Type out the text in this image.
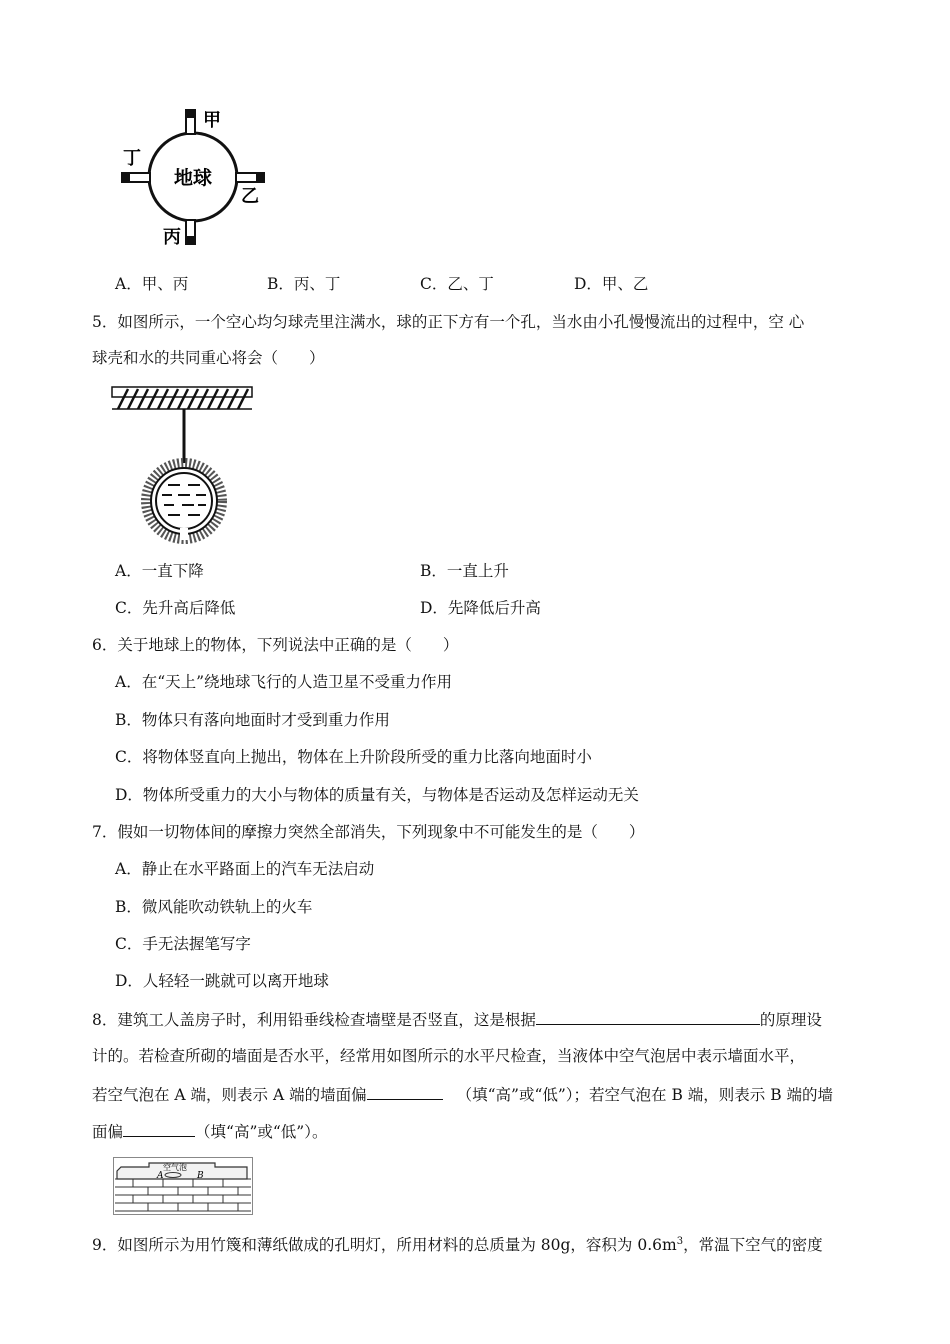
地球
甲
丁
乙
丙
A．甲、丙	B．丙、丁	C．乙、丁	D．甲、乙
5．如图所示，一个空心均匀球壳里注满水，球的正下方有一个孔，当水由小孔慢慢流出的过程中，空 心
球壳和水的共同重心将会（　　）
A．一直下降	B．一直上升
C．先升高后降低	D．先降低后升高
6．关于地球上的物体，下列说法中正确的是（　　）
A．在“天上”绕地球飞行的人造卫星不受重力作用
B．物体只有落向地面时才受到重力作用
C．将物体竖直向上抛出，物体在上升阶段所受的重力比落向地面时小
D．物体所受重力的大小与物体的质量有关，与物体是否运动及怎样运动无关
7．假如一切物体间的摩擦力突然全部消失，下列现象中不可能发生的是（　　）
A．静止在水平路面上的汽车无法启动
B．微风能吹动铁轨上的火车
C．手无法握笔写字
D．人轻轻一跳就可以离开地球
8．建筑工人盖房子时，利用铅垂线检查墙壁是否竖直，这是根据	的原理设
计的。若检查所砌的墙面是否水平，经常用如图所示的水平尺检查，当液体中空气泡居中表示墙面水平，
若空气泡在 A 端，则表示 A 端的墙面偏	（填“高”或“低”）；若空气泡在 B 端，则表示 B 端的墙
面偏	（填“高”或“低”）。
空气泡
A	B
9．如图所示为用竹篾和薄纸做成的孔明灯，所用材料的总质量为 80g，容积为 $0.6m^3$，常温下空气的密度
